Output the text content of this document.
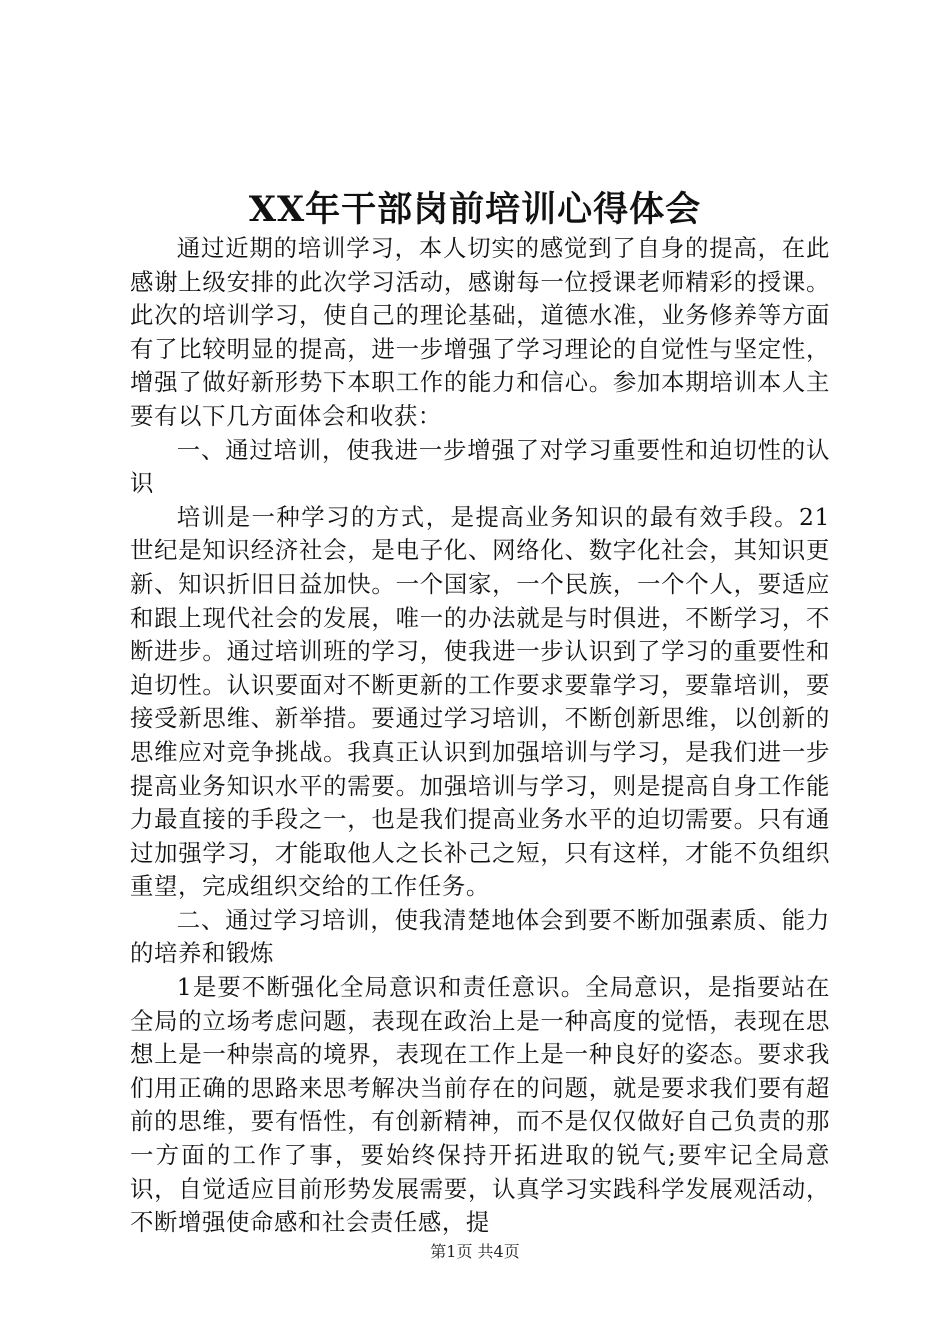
XX年干部岗前培训心得体会

通过近期的培训学习，本人切实的感觉到了自身的提高，在此感谢上级安排的此次学习活动，感谢每一位授课老师精彩的授课。此次的培训学习，使自己的理论基础，道德水准，业务修养等方面有了比较明显的提高，进一步增强了学习理论的自觉性与坚定性，增强了做好新形势下本职工作的能力和信心。参加本期培训本人主要有以下几方面体会和收获：

一、通过培训，使我进一步增强了对学习重要性和迫切性的认识

培训是一种学习的方式，是提高业务知识的最有效手段。21世纪是知识经济社会，是电子化、网络化、数字化社会，其知识更新、知识折旧日益加快。一个国家，一个民族，一个个人，要适应和跟上现代社会的发展，唯一的办法就是与时俱进，不断学习，不断进步。通过培训班的学习，使我进一步认识到了学习的重要性和迫切性。认识要面对不断更新的工作要求要靠学习，要靠培训，要接受新思维、新举措。要通过学习培训，不断创新思维，以创新的思维应对竞争挑战。我真正认识到加强培训与学习，是我们进一步提高业务知识水平的需要。加强培训与学习，则是提高自身工作能力最直接的手段之一，也是我们提高业务水平的迫切需要。只有通过加强学习，才能取他人之长补己之短，只有这样，才能不负组织重望，完成组织交给的工作任务。

二、通过学习培训，使我清楚地体会到要不断加强素质、能力的培养和锻炼

1是要不断强化全局意识和责任意识。全局意识，是指要站在全局的立场考虑问题，表现在政治上是一种高度的觉悟，表现在思想上是一种崇高的境界，表现在工作上是一种良好的姿态。要求我们用正确的思路来思考解决当前存在的问题，就是要求我们要有超前的思维，要有悟性，有创新精神，而不是仅仅做好自己负责的那一方面的工作了事，要始终保持开拓进取的锐气;要牢记全局意识，自觉适应目前形势发展需要，认真学习实践科学发展观活动，不断增强使命感和社会责任感，提

第1页 共4页
